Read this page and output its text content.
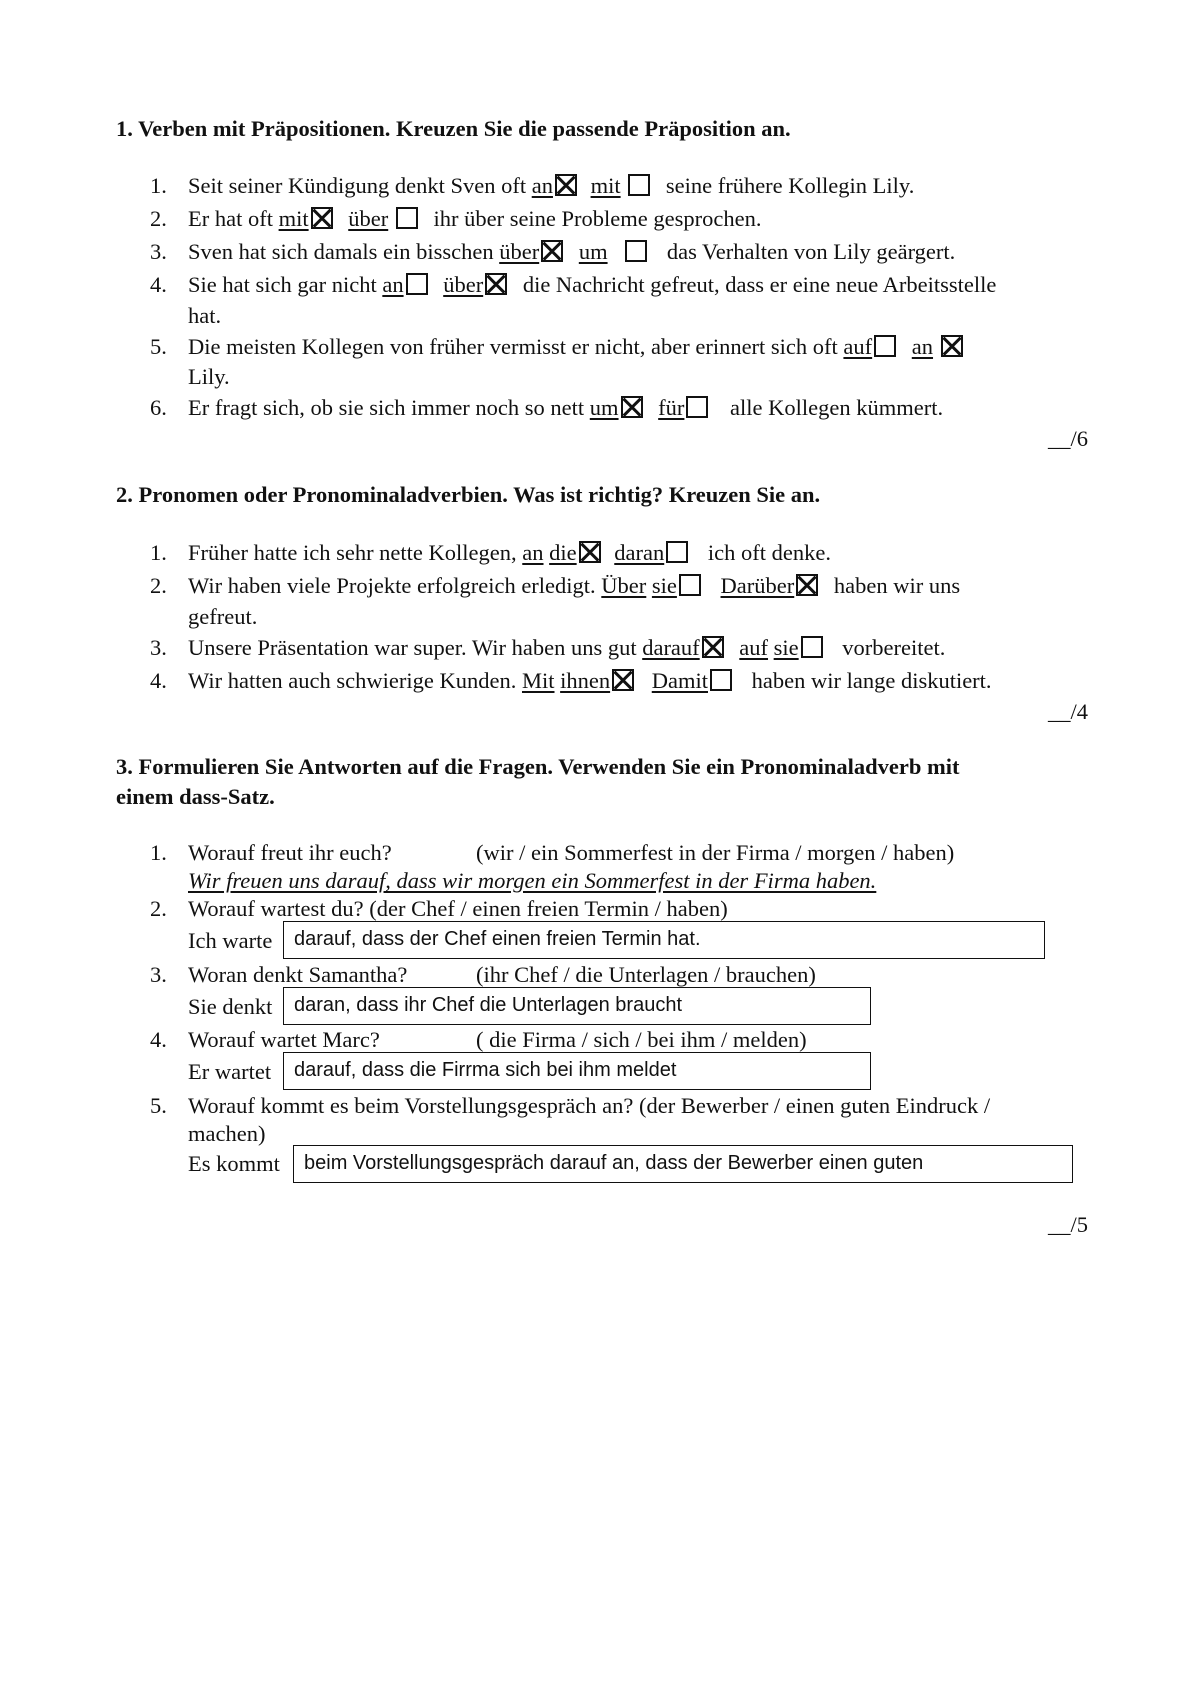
1. Verben mit Präpositionen. Kreuzen Sie die passende Präposition an.
1. Seit seiner Kündigung denkt Sven oft an mit seine frühere Kollegin Lily.
2. Er hat oft mit über ihr über seine Probleme gesprochen.
3. Sven hat sich damals ein bisschen über um	das Verhalten von Lily geärgert.
4. Sie hat sich gar nicht an über die Nachricht gefreut, dass er eine neue Arbeitsstelle
hat.
5. Die meisten Kollegen von früher vermisst er nicht, aber erinnert sich oft auf an
Lily.
6. Er fragt sich, ob sie sich immer noch so nett um für alle Kollegen kümmert.
__/6
2. Pronomen oder Pronominaladverbien. Was ist richtig? Kreuzen Sie an.
1. Früher hatte ich sehr nette Kollegen, an die daran ich oft denke.
2. Wir haben viele Projekte erfolgreich erledigt. Über sie Darüber haben wir uns
gefreut.
3. Unsere Präsentation war super. Wir haben uns gut darauf auf sie vorbereitet.
4. Wir hatten auch schwierige Kunden. Mit ihnen Damit haben wir lange diskutiert.
__/4
3. Formulieren Sie Antworten auf die Fragen. Verwenden Sie ein Pronominaladverb mit
einem dass-Satz.
1. Worauf freut ihr euch?	(wir / ein Sommerfest in der Firma / morgen / haben)
Wir freuen uns darauf, dass wir morgen ein Sommerfest in der Firma haben.
2. Worauf wartest du? (der Chef / einen freien Termin / haben)
Ich warte	darauf, dass der Chef einen freien Termin hat.
3. Woran denkt Samantha?	(ihr Chef / die Unterlagen / brauchen)
Sie denkt	daran, dass ihr Chef die Unterlagen braucht
4. Worauf wartet Marc?	( die Firma / sich / bei ihm / melden)
Er wartet	darauf, dass die Firrma sich bei ihm meldet
5. Worauf kommt es beim Vorstellungsgespräch an? (der Bewerber / einen guten Eindruck /
machen)
Es kommt	beim Vorstellungsgespräch darauf an, dass der Bewerber einen guten
__/5
